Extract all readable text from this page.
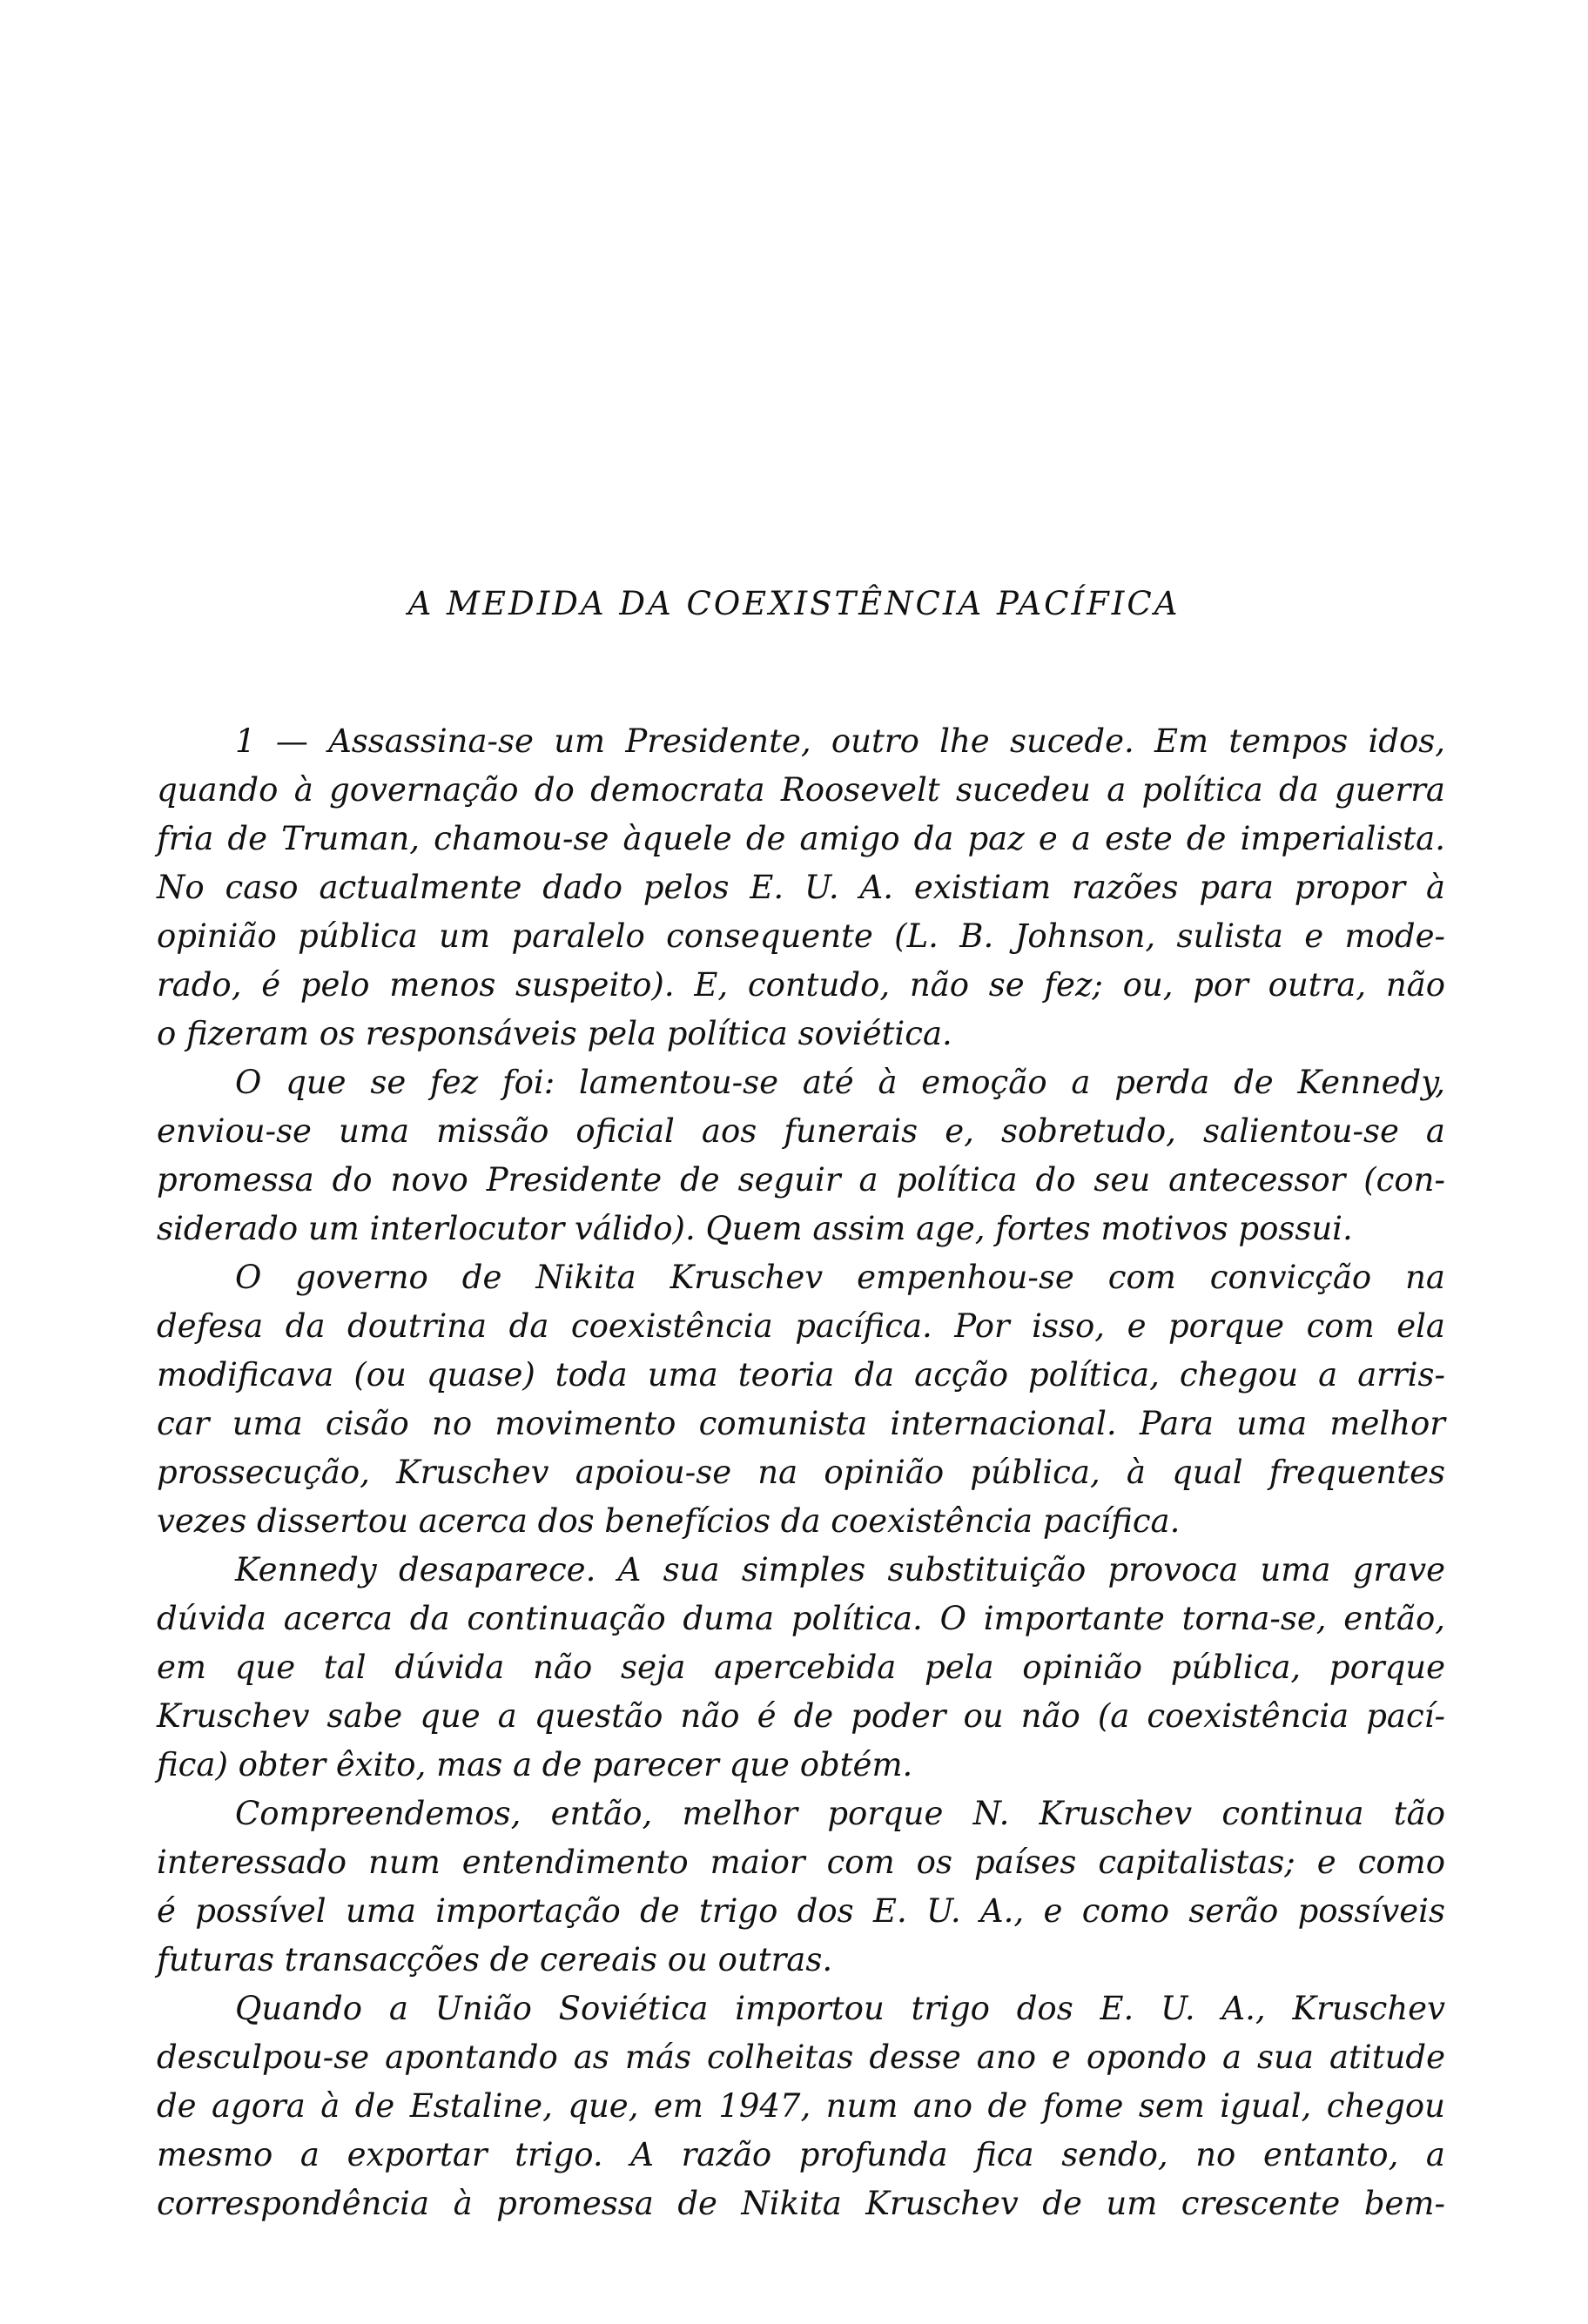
A MEDIDA DA COEXISTÊNCIA PACÍFICA
1 — Assassina-se um Presidente, outro lhe sucede. Em tempos idos,
quando à governação do democrata Roosevelt sucedeu a política da guerra
fria de Truman, chamou-se àquele de amigo da paz e a este de imperialista.
No caso actualmente dado pelos E. U. A. existiam razões para propor à
opinião pública um paralelo consequente (L. B. Johnson, sulista e mode-
rado, é pelo menos suspeito). E, contudo, não se fez; ou, por outra, não
o fizeram os responsáveis pela política soviética.
O que se fez foi: lamentou-se até à emoção a perda de Kennedy,
enviou-se uma missão oficial aos funerais e, sobretudo, salientou-se a
promessa do novo Presidente de seguir a política do seu antecessor (con-
siderado um interlocutor válido). Quem assim age, fortes motivos possui.
O governo de Nikita Kruschev empenhou-se com convicção na
defesa da doutrina da coexistência pacífica. Por isso, e porque com ela
modificava (ou quase) toda uma teoria da acção política, chegou a arris-
car uma cisão no movimento comunista internacional. Para uma melhor
prossecução, Kruschev apoiou-se na opinião pública, à qual frequentes
vezes dissertou acerca dos benefícios da coexistência pacífica.
Kennedy desaparece. A sua simples substituição provoca uma grave
dúvida acerca da continuação duma política. O importante torna-se, então,
em que tal dúvida não seja apercebida pela opinião pública, porque
Kruschev sabe que a questão não é de poder ou não (a coexistência pací-
fica) obter êxito, mas a de parecer que obtém.
Compreendemos, então, melhor porque N. Kruschev continua tão
interessado num entendimento maior com os países capitalistas; e como
é possível uma importação de trigo dos E. U. A., e como serão possíveis
futuras transacções de cereais ou outras.
Quando a União Soviética importou trigo dos E. U. A., Kruschev
desculpou-se apontando as más colheitas desse ano e opondo a sua atitude
de agora à de Estaline, que, em 1947, num ano de fome sem igual, chegou
mesmo a exportar trigo. A razão profunda fica sendo, no entanto, a
correspondência à promessa de Nikita Kruschev de um crescente bem-
